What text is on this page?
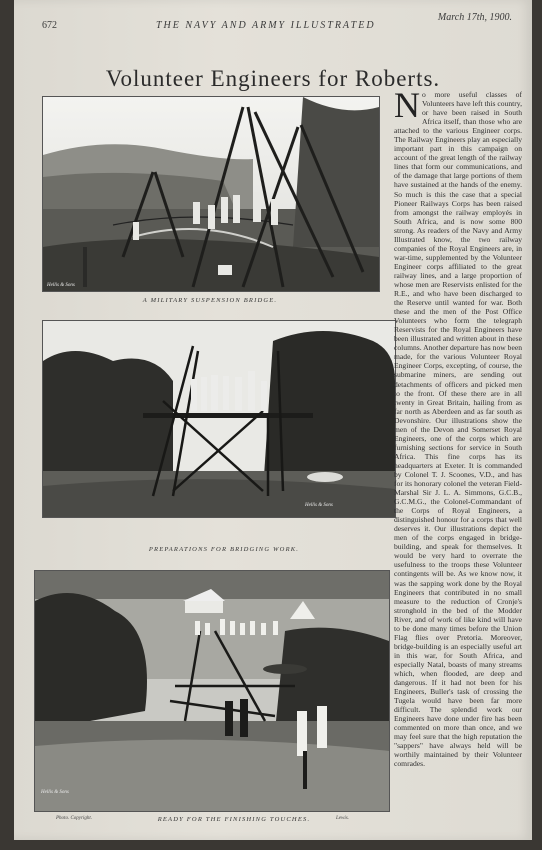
672	THE NAVY AND ARMY ILLUSTRATED
March 17th, 1900.
Volunteer Engineers for Roberts.
Hellis & Sons
A MILITARY SUSPENSION BRIDGE.
Hellis & Sons
PREPARATIONS FOR BRIDGING WORK.
Hellis & Sons
Photo. Copyright.	READY FOR THE FINISHING TOUCHES.	Lewis.

No more useful classes of Volunteers have left this country, or have been raised in South Africa itself, than those who are attached to the various Engineer corps. The Railway Engineers play an especially important part in this campaign on account of the great length of the railway lines that form our communications, and of the damage that large portions of them have sustained at the hands of the enemy. So much is this the case that a special Pioneer Railways Corps has been raised from amongst the railway employés in South Africa, and is now some 800 strong. As readers of the Navy and Army Illustrated know, the two railway companies of the Royal Engineers are, in war-time, supplemented by the Volunteer Engineer corps affiliated to the great railway lines, and a large proportion of whose men are Reservists enlisted for the R.E., and who have been discharged to the Reserve until wanted for war. Both these and the men of the Post Office Volunteers who form the telegraph Reservists for the Royal Engineers have been illustrated and written about in these columns. Another departure has now been made, for the various Volunteer Royal Engineer Corps, excepting, of course, the submarine miners, are sending out detachments of officers and picked men to the front. Of these there are in all twenty in Great Britain, hailing from as far north as Aberdeen and as far south as Devonshire. Our illustrations show the men of the Devon and Somerset Royal Engineers, one of the corps which are furnishing sections for service in South Africa. This fine corps has its headquarters at Exeter. It is commanded by Colonel T. J. Scoones, V.D., and has for its honorary colonel the veteran Field-Marshal Sir J. L. A. Simmons, G.C.B., G.C.M.G., the Colonel-Commandant of the Corps of Royal Engineers, a distinguished honour for a corps that well deserves it. Our illustrations depict the men of the corps engaged in bridge-building, and speak for themselves. It would be very hard to overrate the usefulness to the troops these Volunteer contingents will be. As we know now, it was the sapping work done by the Royal Engineers that contributed in no small measure to the reduction of Cronje's stronghold in the bed of the Modder River, and of work of like kind will have to be done many times before the Union Flag flies over Pretoria. Moreover, bridge-building is an especially useful art in this war, for South Africa, and especially Natal, boasts of many streams which, when flooded, are deep and dangerous. If it had not been for his Engineers, Buller's task of crossing the Tugela would have been far more difficult. The splendid work our Engineers have done under fire has been commented on more than once, and we may feel sure that the high reputation the "sappers" have always held will be worthily maintained by their Volunteer comrades.
